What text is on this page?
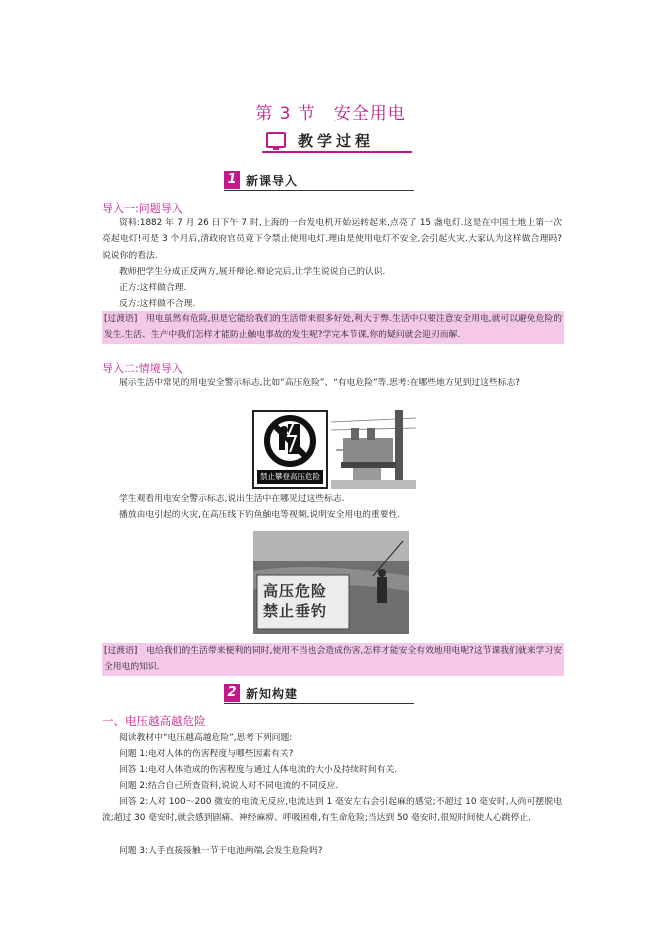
第 3 节　安全用电
教学过程
1 新课导入
导入一:问题导入
资料:1882 年 7 月 26 日下午 7 时,上海的一台发电机开始运转起来,点亮了 15 盏电灯.这是在中国土地上第一次亮起电灯!可是 3 个月后,清政府官员竟下令禁止使用电灯.理由是使用电灯不安全,会引起火灾.大家认为这样做合理吗?说说你的看法.
教师把学生分成正反两方,展开辩论.辩论完后,让学生说说自己的认识.
正方:这样做合理.
反方:这样做不合理.
[过渡语]　用电虽然有危险,但是它能给我们的生活带来很多好处,利大于弊.生活中只要注意安全用电,就可以避免危险的发生.生活、生产中我们怎样才能防止触电事故的发生呢?学完本节课,你的疑问就会迎刃而解.
导入二:情境导入
展示生活中常见的用电安全警示标志,比如“高压危险”、“有电危险”等.思考:在哪些地方见到过这些标志?
禁止攀登高压危险
学生观看用电安全警示标志,说出生活中在哪见过这些标志.
播放由电引起的火灾,在高压线下钓鱼触电等视频,说明安全用电的重要性.
高压危险
禁止垂钓
[过渡语]　电给我们的生活带来便利的同时,使用不当也会造成伤害,怎样才能安全有效地用电呢?这节课我们就来学习安全用电的知识.
2 新知构建
一、电压越高越危险
阅读教材中“电压越高越危险”,思考下列问题:
问题 1:电对人体的伤害程度与哪些因素有关?
回答 1:电对人体造成的伤害程度与通过人体电流的大小及持续时间有关.
问题 2:结合自己所查资料,说说人对不同电流的不同反应.
回答 2:人对 100～200 微安的电流无反应,电流达到 1 毫安左右会引起麻的感觉;不超过 10 毫安时,人尚可摆脱电流;超过 30 毫安时,就会感到剧痛、神经麻痹、呼吸困难,有生命危险;当达到 50 毫安时,很短时间使人心跳停止.
问题 3:人手直接接触一节干电池两端,会发生危险吗?
